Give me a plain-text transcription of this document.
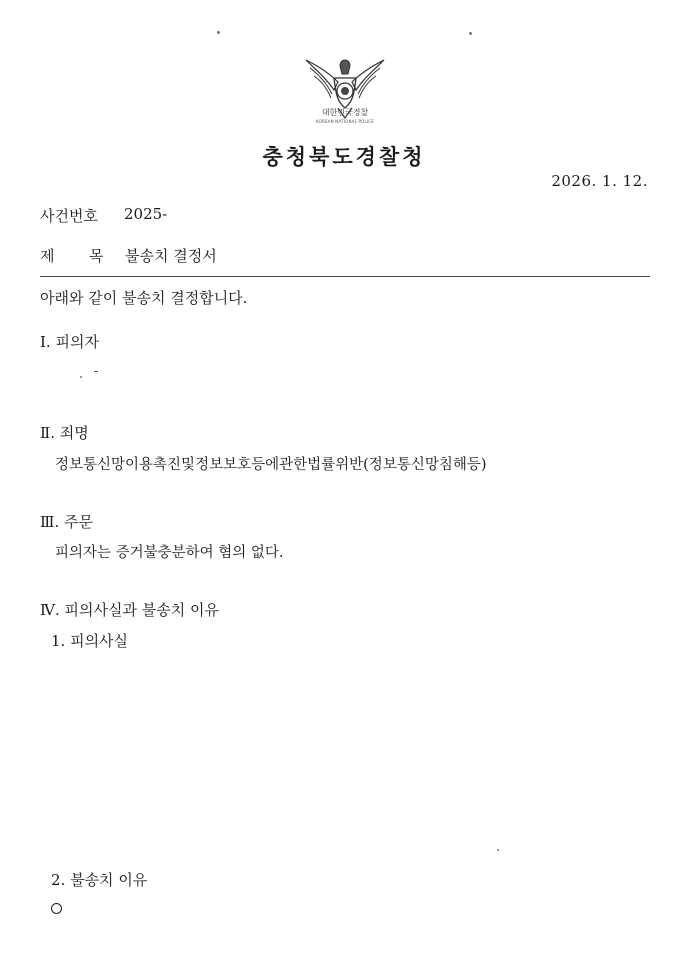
대한민국경찰
KOREAN NATIONAL POLICE
충청북도경찰청
2026. 1. 12.
사건번호 2025-
제 목 불송치 결정서
아래와 같이 불송치 결정합니다.
Ⅰ. 피의자
-
Ⅱ. 죄명
정보통신망이용촉진및정보보호등에관한법률위반(정보통신망침해등)
Ⅲ. 주문
피의자는 증거불충분하여 혐의 없다.
Ⅳ. 피의사실과 불송치 이유
1. 피의사실
2. 불송치 이유
